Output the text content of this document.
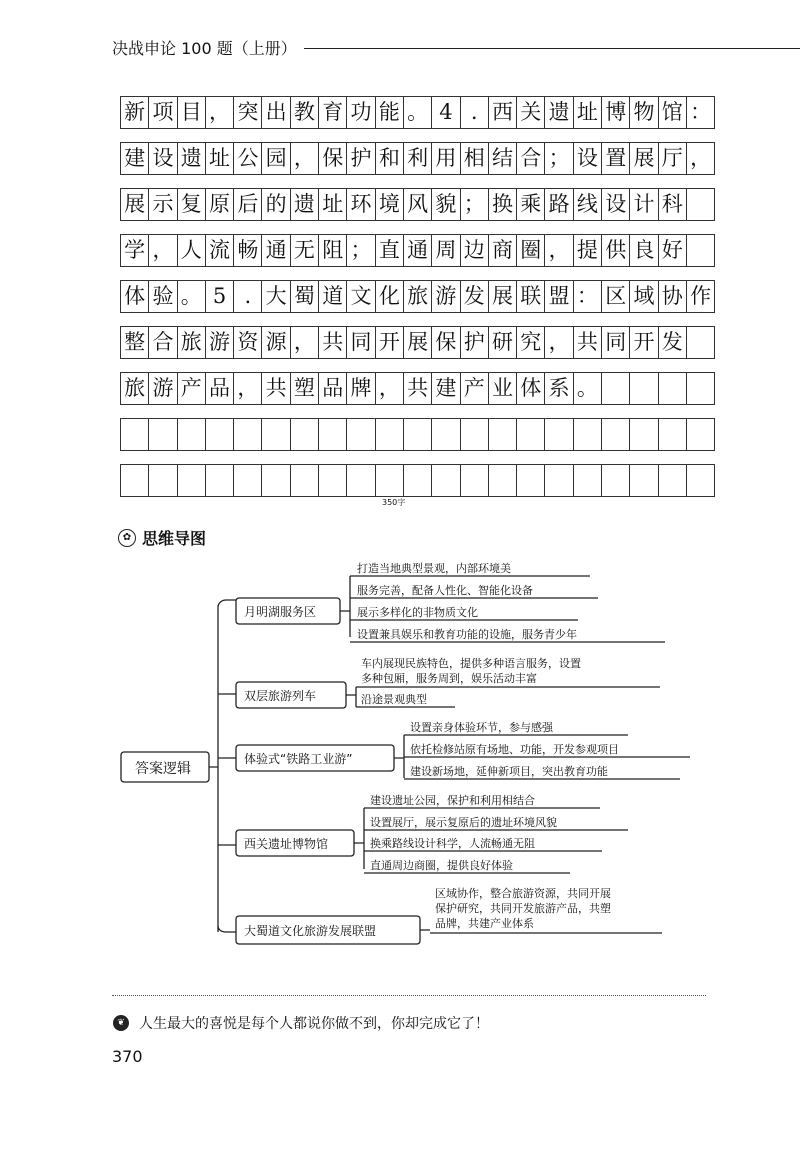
决战申论 100 题（上册）
新 项 目 ， 突 出 教 育 功 能 。 4 . 西 关 遗 址 博 物 馆 ：
建 设 遗 址 公 园 ， 保 护 和 利 用 相 结 合 ； 设 置 展 厅 ，
展 示 复 原 后 的 遗 址 环 境 风 貌 ； 换 乘 路 线 设 计 科
学 ， 人 流 畅 通 无 阻 ； 直 通 周 边 商 圈 ， 提 供 良 好
体 验 。 5 . 大 蜀 道 文 化 旅 游 发 展 联 盟 ： 区 域 协 作
整 合 旅 游 资 源 ， 共 同 开 展 保 护 研 究 ， 共 同 开 发
旅 游 产 品 ， 共 塑 品 牌 ， 共 建 产 业 体 系 。
350字
✿ 思维导图
答案逻辑
月明湖服务区
打造当地典型景观，内部环境美
服务完善，配备人性化、智能化设备
展示多样化的非物质文化
设置兼具娱乐和教育功能的设施，服务青少年
双层旅游列车
车内展现民族特色，提供多种语言服务，设置
多种包厢，服务周到，娱乐活动丰富
沿途景观典型
体验式“铁路工业游”
设置亲身体验环节，参与感强
依托检修站原有场地、功能，开发参观项目
建设新场地，延伸新项目，突出教育功能
西关遗址博物馆
建设遗址公园，保护和利用相结合
设置展厅，展示复原后的遗址环境风貌
换乘路线设计科学，人流畅通无阻
直通周边商圈，提供良好体验
大蜀道文化旅游发展联盟
区域协作，整合旅游资源，共同开展
保护研究，共同开发旅游产品，共塑
品牌，共建产业体系
❦	人生最大的喜悦是每个人都说你做不到，你却完成它了！
370
